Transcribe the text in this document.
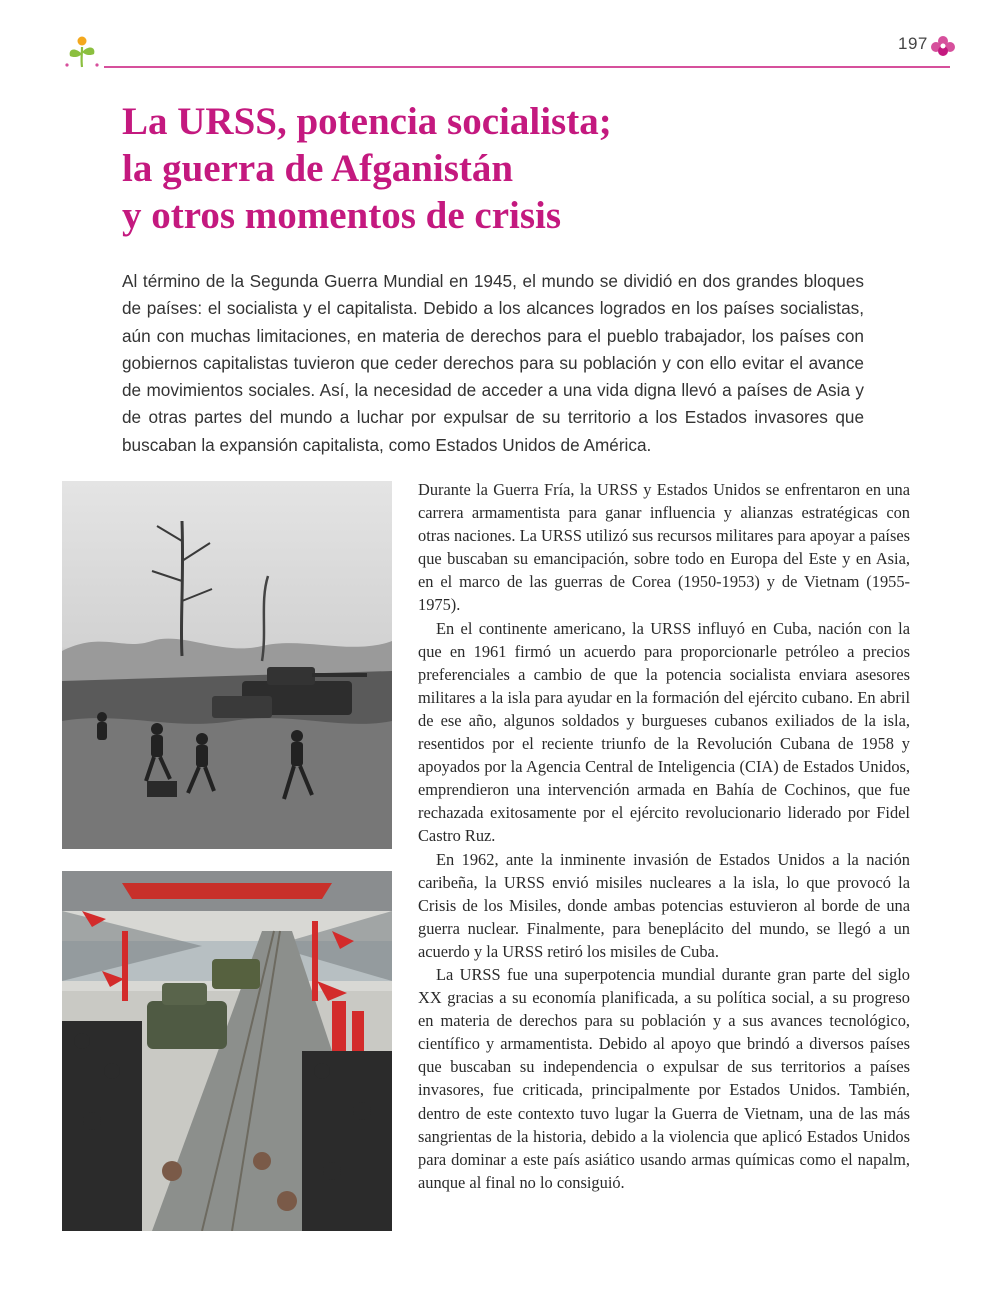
197
La URSS, potencia socialista;
la guerra de Afganistán
y otros momentos de crisis

Al término de la Segunda Guerra Mundial en 1945, el mundo se dividió en dos grandes bloques de países: el socialista y el capitalista. Debido a los alcances logrados en los países socialistas, aún con muchas limitaciones, en materia de derechos para el pueblo trabajador, los países con gobiernos capitalistas tuvieron que ceder derechos para su población y con ello evitar el avance de movimientos sociales. Así, la necesidad de acceder a una vida digna llevó a países de Asia y de otras partes del mundo a luchar por expulsar de su territorio a los Estados invasores que buscaban la expansión capitalista, como Estados Unidos de América.

Durante la Guerra Fría, la URSS y Estados Unidos se enfrentaron en una carrera armamentista para ganar influencia y alianzas estratégicas con otras naciones. La URSS utilizó sus recursos militares para apoyar a países que buscaban su emancipación, sobre todo en Europa del Este y en Asia, en el marco de las guerras de Corea (1950-1953) y de Vietnam (1955-1975).

En el continente americano, la URSS influyó en Cuba, nación con la que en 1961 firmó un acuerdo para proporcionarle petróleo a precios preferenciales a cambio de que la potencia socialista enviara asesores militares a la isla para ayudar en la formación del ejército cubano. En abril de ese año, algunos soldados y burgueses cubanos exiliados de la isla, resentidos por el reciente triunfo de la Revolución Cubana de 1958 y apoyados por la Agencia Central de Inteligencia (CIA) de Estados Unidos, emprendieron una intervención armada en Bahía de Cochinos, que fue rechazada exitosamente por el ejército revolucionario liderado por Fidel Castro Ruz.

En 1962, ante la inminente invasión de Estados Unidos a la nación caribeña, la URSS envió misiles nucleares a la isla, lo que provocó la Crisis de los Misiles, donde ambas potencias estuvieron al borde de una guerra nuclear. Finalmente, para beneplácito del mundo, se llegó a un acuerdo y la URSS retiró los misiles de Cuba.

La URSS fue una superpotencia mundial durante gran parte del siglo XX gracias a su economía planificada, a su política social, a su progreso en materia de derechos para su población y a sus avances tecnológico, científico y armamentista. Debido al apoyo que brindó a diversos países que buscaban su independencia o expulsar de sus territorios a países invasores, fue criticada, principalmente por Estados Unidos. También, dentro de este contexto tuvo lugar la Guerra de Vietnam, una de las más sangrientas de la historia, debido a la violencia que aplicó Estados Unidos para dominar a este país asiático usando armas químicas como el napalm, aunque al final no lo consiguió.
